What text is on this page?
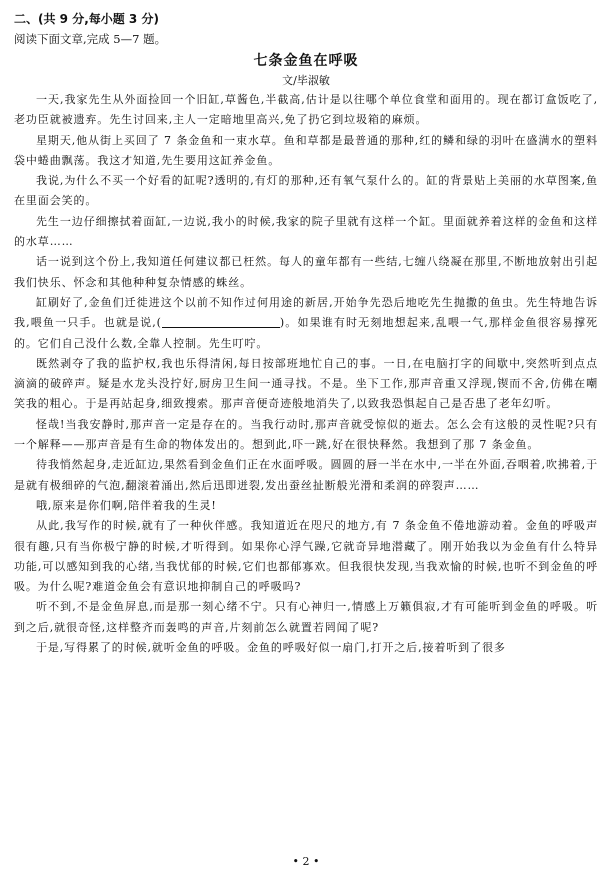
二、(共 9 分,每小题 3 分)

阅读下面文章,完成 5—7 题。

七条金鱼在呼吸

文/毕淑敏

一天,我家先生从外面捡回一个旧缸,草酱色,半截高,估计是以往哪个单位食堂和面用的。现在都订盒饭吃了,老功臣就被遗弃。先生讨回来,主人一定暗地里高兴,免了扔它到垃圾箱的麻烦。

星期天,他从街上买回了 7 条金鱼和一束水草。鱼和草都是最普通的那种,红的鳞和绿的羽叶在盛满水的塑料袋中蜷曲飘荡。我这才知道,先生要用这缸养金鱼。

我说,为什么不买一个好看的缸呢?透明的,有灯的那种,还有氧气泵什么的。缸的背景贴上美丽的水草图案,鱼在里面会笑的。

先生一边仔细擦拭着面缸,一边说,我小的时候,我家的院子里就有这样一个缸。里面就养着这样的金鱼和这样的水草……

话一说到这个份上,我知道任何建议都已枉然。每人的童年都有一些结,七缠八绕凝在那里,不断地放射出引起我们快乐、怀念和其他种种复杂情感的蛛丝。

缸刷好了,金鱼们迁徙进这个以前不知作过何用途的新居,开始争先恐后地吃先生抛撒的鱼虫。先生特地告诉我,喂鱼一只手。也就是说,(	)。如果谁有时无刻地想起来,乱喂一气,那样金鱼很容易撑死的。它们自己没什么数,全靠人控制。先生叮咛。

既然剥夺了我的监护权,我也乐得清闲,每日按部班地忙自己的事。一日,在电脑打字的间歇中,突然听到点点滴滴的破碎声。疑是水龙头没拧好,厨房卫生间一通寻找。不是。坐下工作,那声音重又浮现,锲而不舍,仿佛在嘲笑我的粗心。于是再站起身,细致搜索。那声音便奇迹般地消失了,以致我恐惧起自己是否患了老年幻听。

怪哉!当我安静时,那声音一定是存在的。当我行动时,那声音就受惊似的逝去。怎么会有这般的灵性呢?只有一个解释——那声音是有生命的物体发出的。想到此,吓一跳,好在很快释然。我想到了那 7 条金鱼。

待我悄然起身,走近缸边,果然看到金鱼们正在水面呼吸。圆圆的唇一半在水中,一半在外面,吞咽着,吹拂着,于是就有极细碎的气泡,翻滚着涌出,然后迅即迸裂,发出蚕丝扯断般光滑和柔润的碎裂声……

哦,原来是你们啊,陪伴着我的生灵!

从此,我写作的时候,就有了一种伙伴感。我知道近在咫尺的地方,有 7 条金鱼不倦地游动着。金鱼的呼吸声很有趣,只有当你极宁静的时候,才听得到。如果你心浮气躁,它就奇异地潜藏了。刚开始我以为金鱼有什么特异功能,可以感知到我的心绪,当我忧郁的时候,它们也都郁寡欢。但我很快发现,当我欢愉的时候,也听不到金鱼的呼吸。为什么呢?难道金鱼会有意识地抑制自己的呼吸吗?

听不到,不是金鱼屏息,而是那一刻心绪不宁。只有心神归一,情感上万籁俱寂,才有可能听到金鱼的呼吸。听到之后,就很奇怪,这样整齐而轰鸣的声音,片刻前怎么就置若罔闻了呢?

于是,写得累了的时候,就听金鱼的呼吸。金鱼的呼吸好似一扇门,打开之后,接着听到了很多

• 2 •
